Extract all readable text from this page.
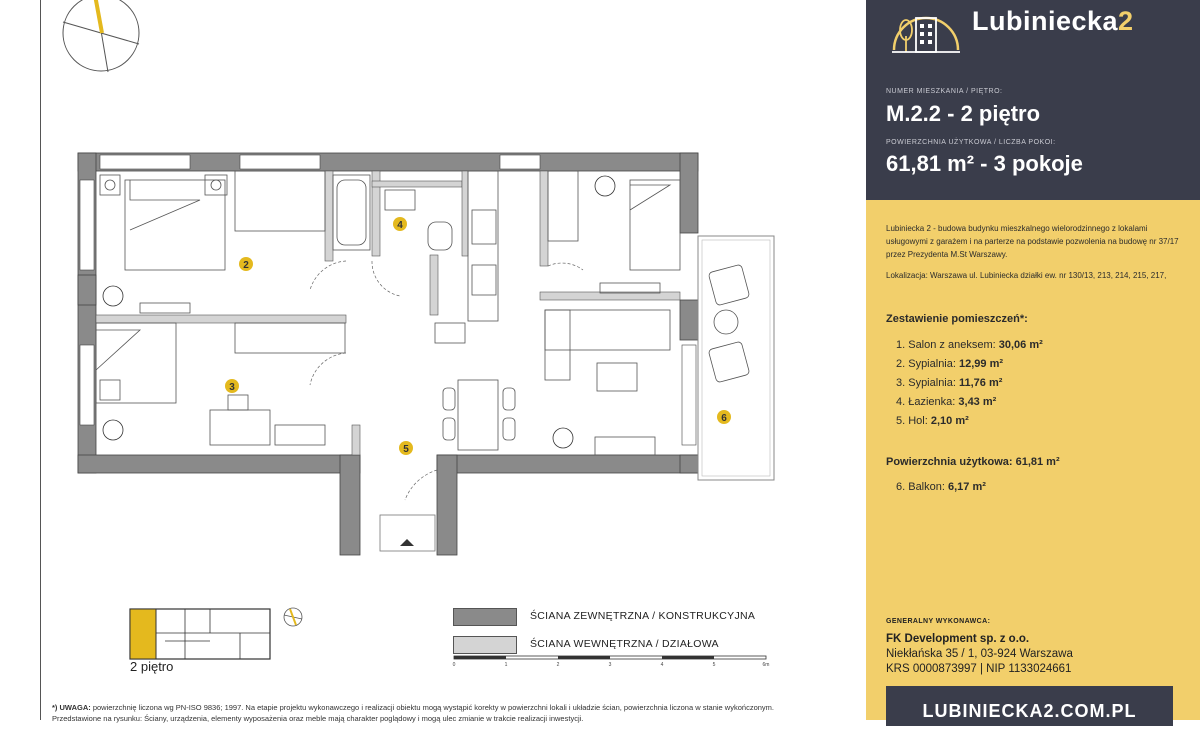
2
3
4
5
6
2 piętro
ŚCIANA ZEWNĘTRZNA / KONSTRUKCYJNA
ŚCIANA WEWNĘTRZNA / DZIAŁOWA
0	1	2	3	4	5	6m
*) UWAGA: powierzchnię liczona wg PN-ISO 9836; 1997. Na etapie projektu wykonawczego i realizacji obiektu mogą wystąpić korekty w powierzchni lokali i układzie ścian, powierzchnia liczona w stanie wykończonym.
Przedstawione na rysunku: Ściany, urządzenia, elementy wyposażenia oraz meble mają charakter poglądowy i mogą ulec zmianie w trakcie realizacji inwestycji.
Lubiniecka2
NUMER MIESZKANIA / PIĘTRO:
M.2.2 - 2 piętro
POWIERZCHNIA UŻYTKOWA / LICZBA POKOI:
61,81 m² - 3 pokoje
Lubiniecka 2 - budowa budynku mieszkalnego wielorodzinnego z lokalami usługowymi z garażem i na parterze na podstawie pozwolenia na budowę nr 37/17 przez Prezydenta M.St Warszawy.
Lokalizacja: Warszawa ul. Lubiniecka działki ew. nr 130/13, 213, 214, 215, 217,
Zestawienie pomieszczeń*:
1. Salon z aneksem: 30,06 m²
2. Sypialnia: 12,99 m²
3. Sypialnia: 11,76 m²
4. Łazienka: 3,43 m²
5. Hol: 2,10 m²
Powierzchnia użytkowa: 61,81 m²
6. Balkon: 6,17 m²
GENERALNY WYKONAWCA:
FK Development sp. z o.o.
Niekłańska 35 / 1, 03-924 Warszawa
KRS 0000873997 | NIP 1133024661
LUBINIECKA2.COM.PL
